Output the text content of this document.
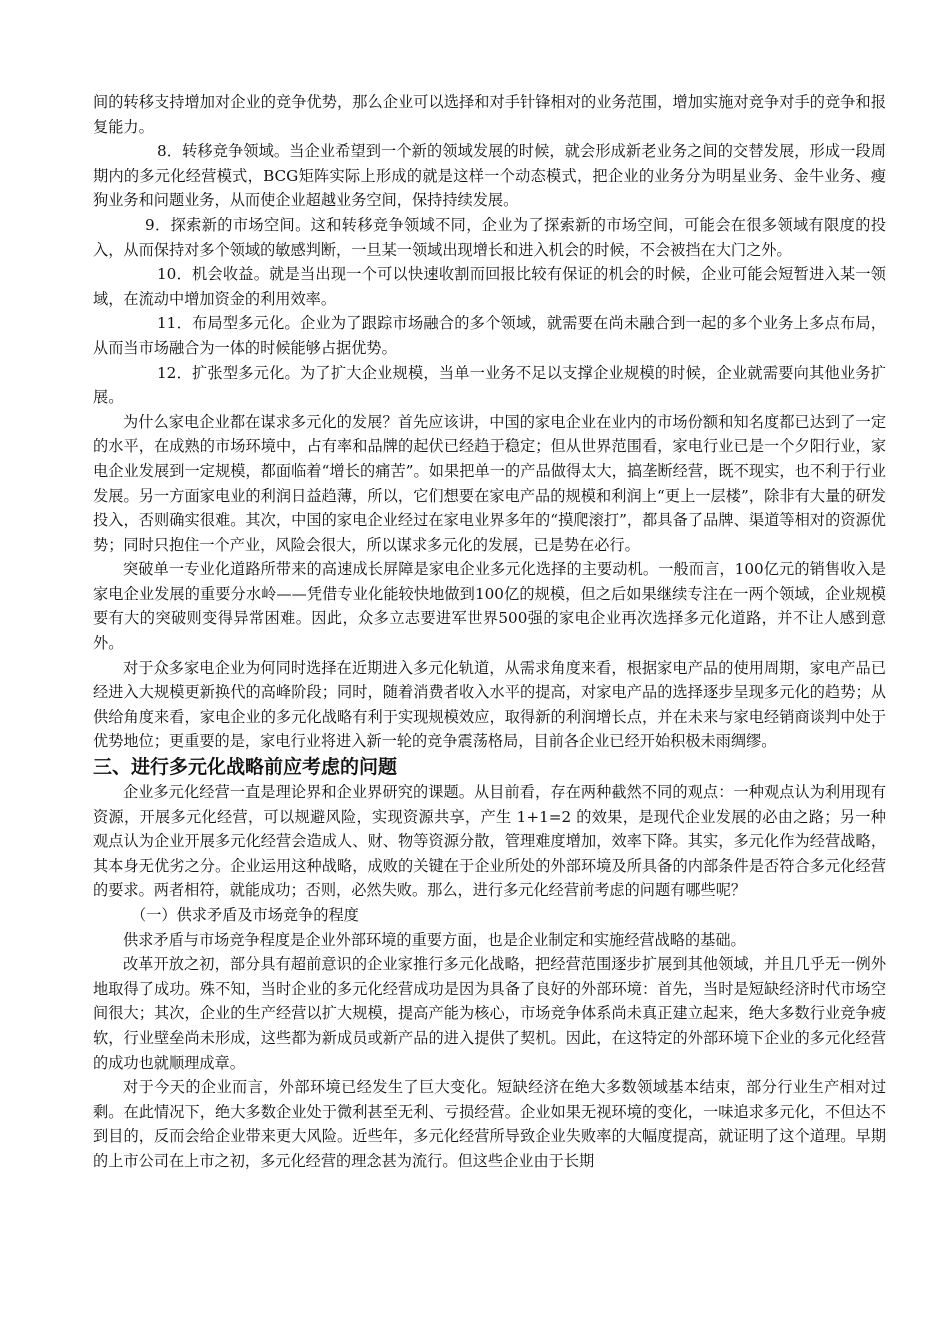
间的转移支持增加对企业的竞争优势，那么企业可以选择和对手针锋相对的业务范围，增加实施对竞争对手的竞争和报复能力。

8．转移竞争领域。当企业希望到一个新的领域发展的时候，就会形成新老业务之间的交替发展，形成一段周期内的多元化经营模式，BCG矩阵实际上形成的就是这样一个动态模式，把企业的业务分为明星业务、金牛业务、瘦狗业务和问题业务，从而使企业超越业务空间，保持持续发展。

9．探索新的市场空间。这和转移竞争领域不同，企业为了探索新的市场空间，可能会在很多领域有限度的投入，从而保持对多个领域的敏感判断，一旦某一领域出现增长和进入机会的时候，不会被挡在大门之外。

10．机会收益。就是当出现一个可以快速收割而回报比较有保证的机会的时候，企业可能会短暂进入某一领域，在流动中增加资金的利用效率。

11．布局型多元化。企业为了跟踪市场融合的多个领域，就需要在尚未融合到一起的多个业务上多点布局，从而当市场融合为一体的时候能够占据优势。

12．扩张型多元化。为了扩大企业规模，当单一业务不足以支撑企业规模的时候，企业就需要向其他业务扩展。

为什么家电企业都在谋求多元化的发展？首先应该讲，中国的家电企业在业内的市场份额和知名度都已达到了一定的水平，在成熟的市场环境中，占有率和品牌的起伏已经趋于稳定；但从世界范围看，家电行业已是一个夕阳行业，家电企业发展到一定规模，都面临着“增长的痛苦”。如果把单一的产品做得太大，搞垄断经营，既不现实，也不利于行业发展。另一方面家电业的利润日益趋薄，所以，它们想要在家电产品的规模和利润上“更上一层楼”，除非有大量的研发投入，否则确实很难。其次，中国的家电企业经过在家电业界多年的“摸爬滚打”，都具备了品牌、渠道等相对的资源优势；同时只抱住一个产业，风险会很大，所以谋求多元化的发展，已是势在必行。

突破单一专业化道路所带来的高速成长屏障是家电企业多元化选择的主要动机。一般而言，100亿元的销售收入是家电企业发展的重要分水岭——凭借专业化能较快地做到100亿的规模，但之后如果继续专注在一两个领域，企业规模要有大的突破则变得异常困难。因此，众多立志要进军世界500强的家电企业再次选择多元化道路，并不让人感到意外。

对于众多家电企业为何同时选择在近期进入多元化轨道，从需求角度来看，根据家电产品的使用周期，家电产品已经进入大规模更新换代的高峰阶段；同时，随着消费者收入水平的提高，对家电产品的选择逐步呈现多元化的趋势；从供给角度来看，家电企业的多元化战略有利于实现规模效应，取得新的利润增长点，并在未来与家电经销商谈判中处于优势地位；更重要的是，家电行业将进入新一轮的竞争震荡格局，目前各企业已经开始积极未雨绸缪。

三、进行多元化战略前应考虑的问题

企业多元化经营一直是理论界和企业界研究的课题。从目前看，存在两种截然不同的观点：一种观点认为利用现有资源，开展多元化经营，可以规避风险，实现资源共享，产生 1+1=2 的效果，是现代企业发展的必由之路；另一种观点认为企业开展多元化经营会造成人、财、物等资源分散，管理难度增加，效率下降。其实，多元化作为经营战略，其本身无优劣之分。企业运用这种战略，成败的关键在于企业所处的外部环境及所具备的内部条件是否符合多元化经营的要求。两者相符，就能成功；否则，必然失败。那么，进行多元化经营前考虑的问题有哪些呢？

（一）供求矛盾及市场竞争的程度

供求矛盾与市场竞争程度是企业外部环境的重要方面，也是企业制定和实施经营战略的基础。

改革开放之初，部分具有超前意识的企业家推行多元化战略，把经营范围逐步扩展到其他领域，并且几乎无一例外地取得了成功。殊不知，当时企业的多元化经营成功是因为具备了良好的外部环境：首先，当时是短缺经济时代市场空间很大；其次，企业的生产经营以扩大规模，提高产能为核心，市场竞争体系尚未真正建立起来，绝大多数行业竞争疲软，行业壁垒尚未形成，这些都为新成员或新产品的进入提供了契机。因此，在这特定的外部环境下企业的多元化经营的成功也就顺理成章。

对于今天的企业而言，外部环境已经发生了巨大变化。短缺经济在绝大多数领域基本结束，部分行业生产相对过剩。在此情况下，绝大多数企业处于微利甚至无利、亏损经营。企业如果无视环境的变化，一味追求多元化，不但达不到目的，反而会给企业带来更大风险。近些年，多元化经营所导致企业失败率的大幅度提高，就证明了这个道理。早期的上市公司在上市之初，多元化经营的理念甚为流行。但这些企业由于长期
